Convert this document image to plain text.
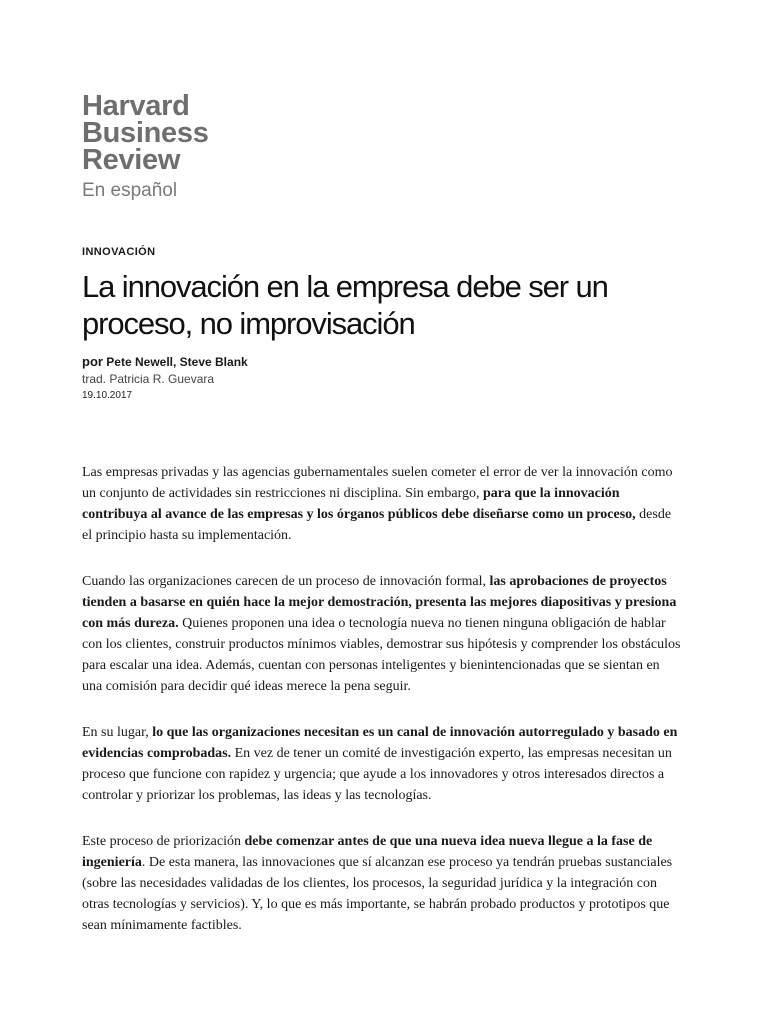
Harvard
Business
Review
En español
INNOVACIÓN
La innovación en la empresa debe ser un proceso, no improvisación
por Pete Newell, Steve Blank
trad. Patricia R. Guevara
19.10.2017

Las empresas privadas y las agencias gubernamentales suelen cometer el error de ver la innovación como un conjunto de actividades sin restricciones ni disciplina. Sin embargo, para que la innovación contribuya al avance de las empresas y los órganos públicos debe diseñarse como un proceso, desde el principio hasta su implementación.

Cuando las organizaciones carecen de un proceso de innovación formal, las aprobaciones de proyectos tienden a basarse en quién hace la mejor demostración, presenta las mejores diapositivas y presiona con más dureza. Quienes proponen una idea o tecnología nueva no tienen ninguna obligación de hablar con los clientes, construir productos mínimos viables, demostrar sus hipótesis y comprender los obstáculos para escalar una idea. Además, cuentan con personas inteligentes y bienintencionadas que se sientan en una comisión para decidir qué ideas merece la pena seguir.

En su lugar, lo que las organizaciones necesitan es un canal de innovación autorregulado y basado en evidencias comprobadas. En vez de tener un comité de investigación experto, las empresas necesitan un proceso que funcione con rapidez y urgencia; que ayude a los innovadores y otros interesados directos a controlar y priorizar los problemas, las ideas y las tecnologías.

Este proceso de priorización debe comenzar antes de que una nueva idea nueva llegue a la fase de ingeniería. De esta manera, las innovaciones que sí alcanzan ese proceso ya tendrán pruebas sustanciales (sobre las necesidades validadas de los clientes, los procesos, la seguridad jurídica y la integración con otras tecnologías y servicios). Y, lo que es más importante, se habrán probado productos y prototipos que sean mínimamente factibles.
